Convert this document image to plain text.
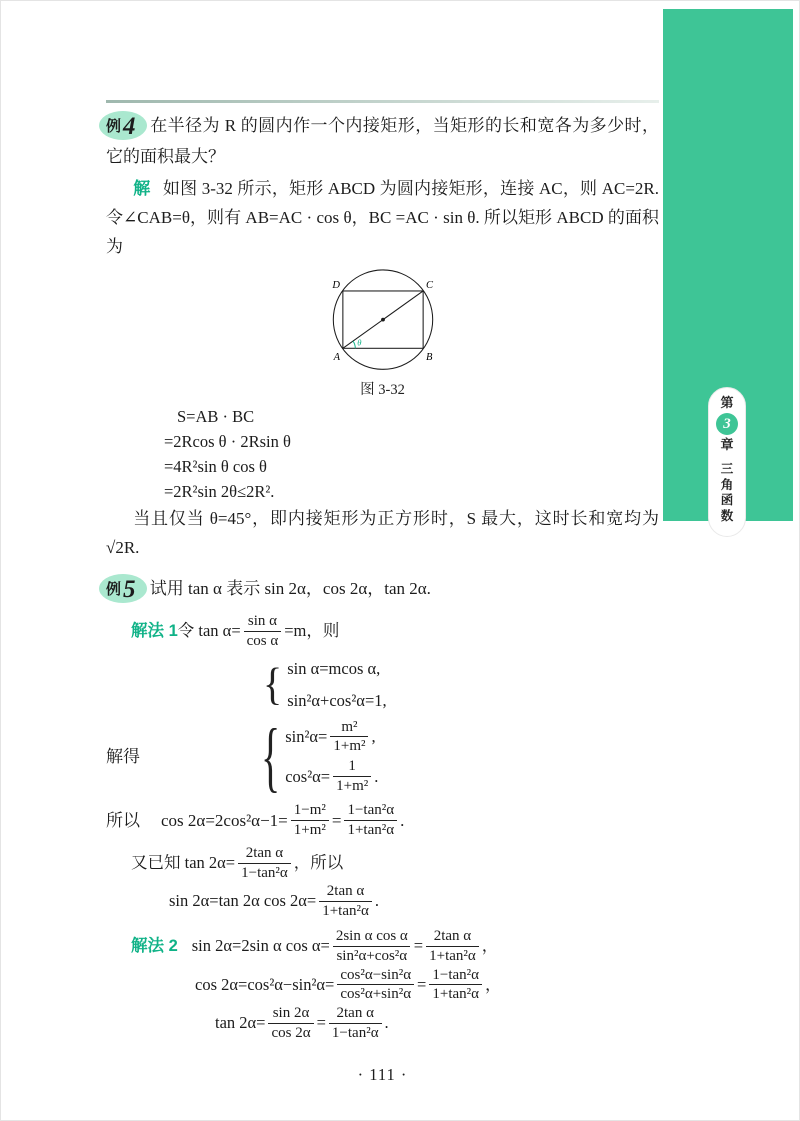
第
3
章
三
角
函
数

例4 在半径为 R 的圆内作一个内接矩形，当矩形的长和宽各为多少时，它的面积最大？

解 如图 3-32 所示，矩形 ABCD 为圆内接矩形，连接 AC，则 AC=2R. 令∠CAB=θ，则有 AB=AC · cos θ，BC =AC · sin θ. 所以矩形 ABCD 的面积为

θ
D	C
A	B
图 3-32
S=AB · BC
=2Rcos θ · 2Rsin θ
=4R²sin θ cos θ
=2R²sin 2θ≤2R².

当且仅当 θ=45°，即内接矩形为正方形时，S 最大，这时长和宽均为√2R.

例5 试用 tan α 表示 sin 2α，cos 2α，tan 2α.

解法 1 令 $\tan \alpha= \frac{\text{sin α}}{\text{cos α}} =m$，则
{ sin α=mcos α,
sin²α+cos²α=1,
解得	{ $\sin^2\alpha= \frac{\text{m²}}{\text{1+m²}}$ ,
$\cos^2\alpha= \frac{1}{\text{1+m²}}$ .
所以 $\cos 2\alpha=2\cos^2\alpha-1= \frac{\text{1−m²}}{\text{1+m²}} = \frac{\text{1−tan²α}}{\text{1+tan²α}}$ .
又已知 $\tan 2\alpha= \frac{\text{2tan α}}{\text{1−tan²α}}$ ，所以
sin 2α=tan 2α $\cos 2\alpha= \frac{\text{2tan α}}{\text{1+tan²α}}$ .
解法 2 sin 2α=2sin α $\cos \alpha= \frac{\text{2sin α cos α}}{\text{sin²α+cos²α}} = \frac{\text{2tan α}}{\text{1+tan²α}}$ ，
$\cos 2\alpha=\cos^2\alpha-\sin^2\alpha= \frac{\text{cos²α−sin²α}}{\text{cos²α+sin²α}} = \frac{\text{1−tan²α}}{\text{1+tan²α}}$ ，
$\tan 2\alpha= \frac{\sin 2\alpha}{\cos 2\alpha} = \frac{\text{2tan α}}{\text{1−tan²α}}$ .
· 111 ·
